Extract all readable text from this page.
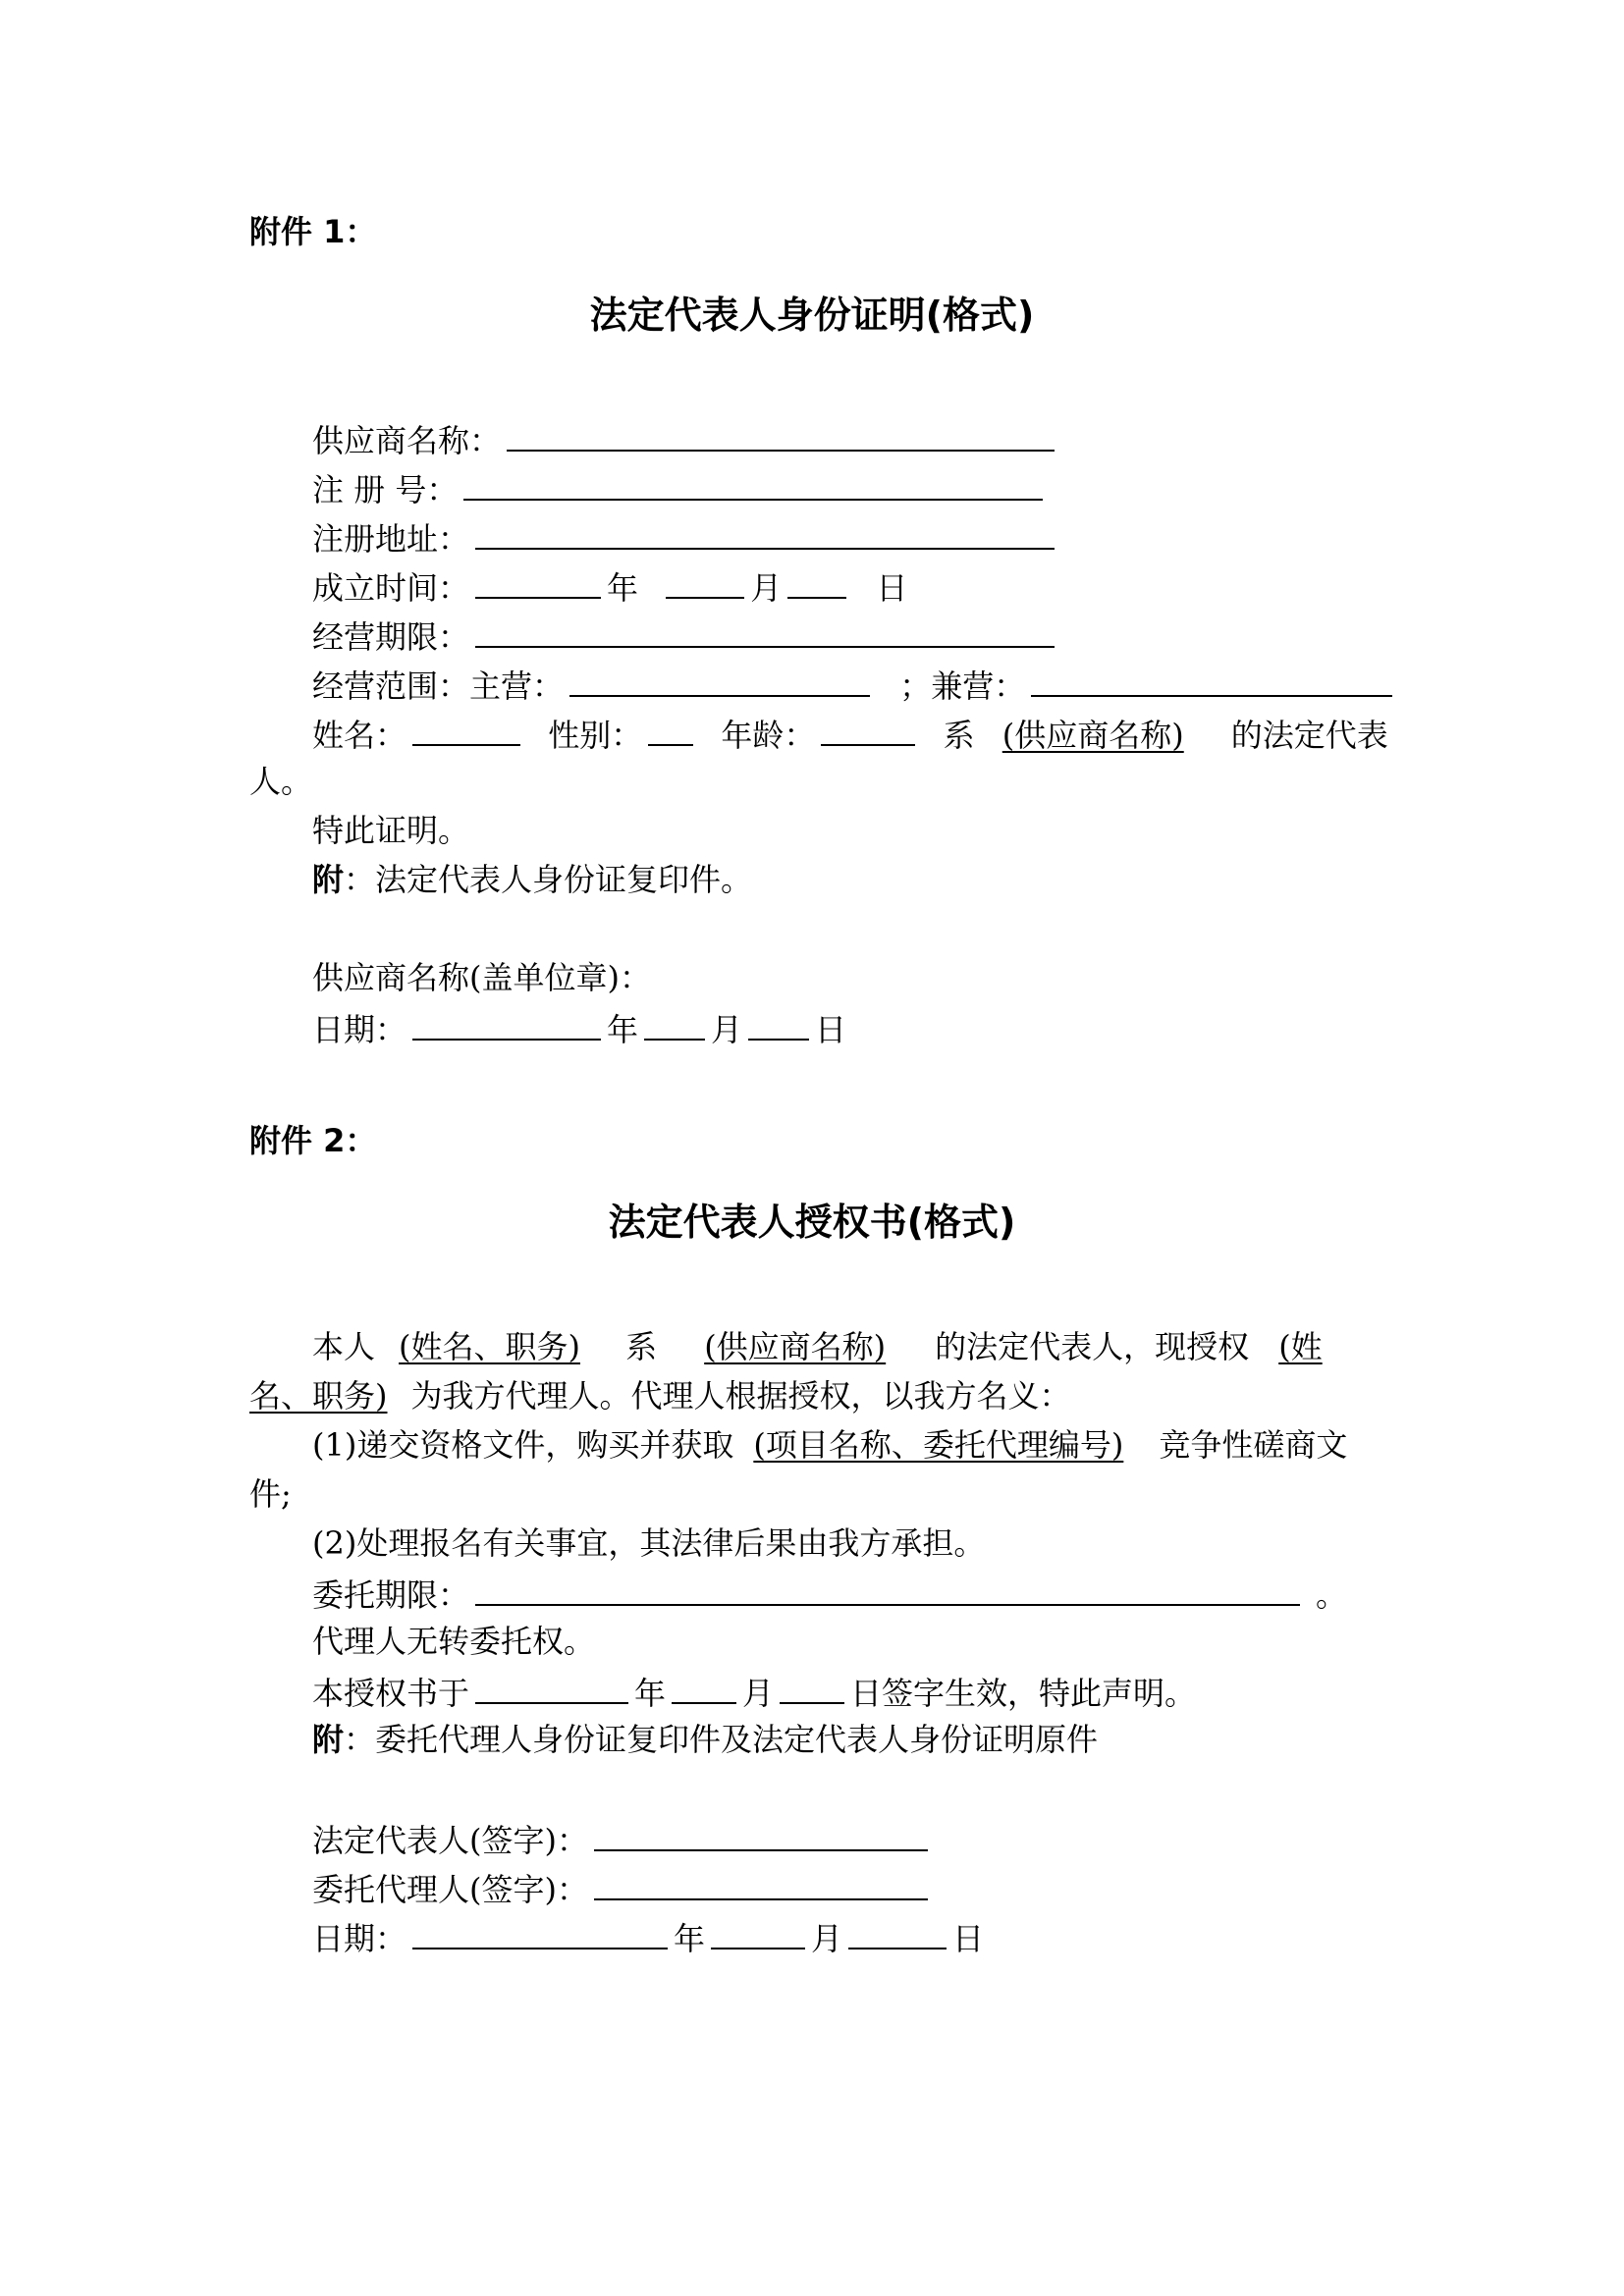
附件 1：
法定代表人身份证明(格式)
供应商名称：
注 册 号：
注册地址：
成立时间：	年	月	日
经营期限：
经营范围：主营：	；兼营：
姓名：	性别：	年龄：	系 (供应商名称) 的法定代表
人。
特此证明。
附：法定代表人身份证复印件。
供应商名称(盖单位章)：
日期：	年 月 日
附件 2：
法定代表人授权书(格式)
本人 (姓名、职务) 系 (供应商名称) 的法定代表人，现授权 (姓
名、职务) 为我方代理人。代理人根据授权，以我方名义：
(1)递交资格文件，购买并获取 (项目名称、委托代理编号) 竞争性磋商文
件;
(2)处理报名有关事宜，其法律后果由我方承担。
委托期限：	。
代理人无转委托权。
本授权书于	年 月 日签字生效，特此声明。
附：委托代理人身份证复印件及法定代表人身份证明原件
法定代表人(签字)：
委托代理人(签字)：
日期：	年	月	日
